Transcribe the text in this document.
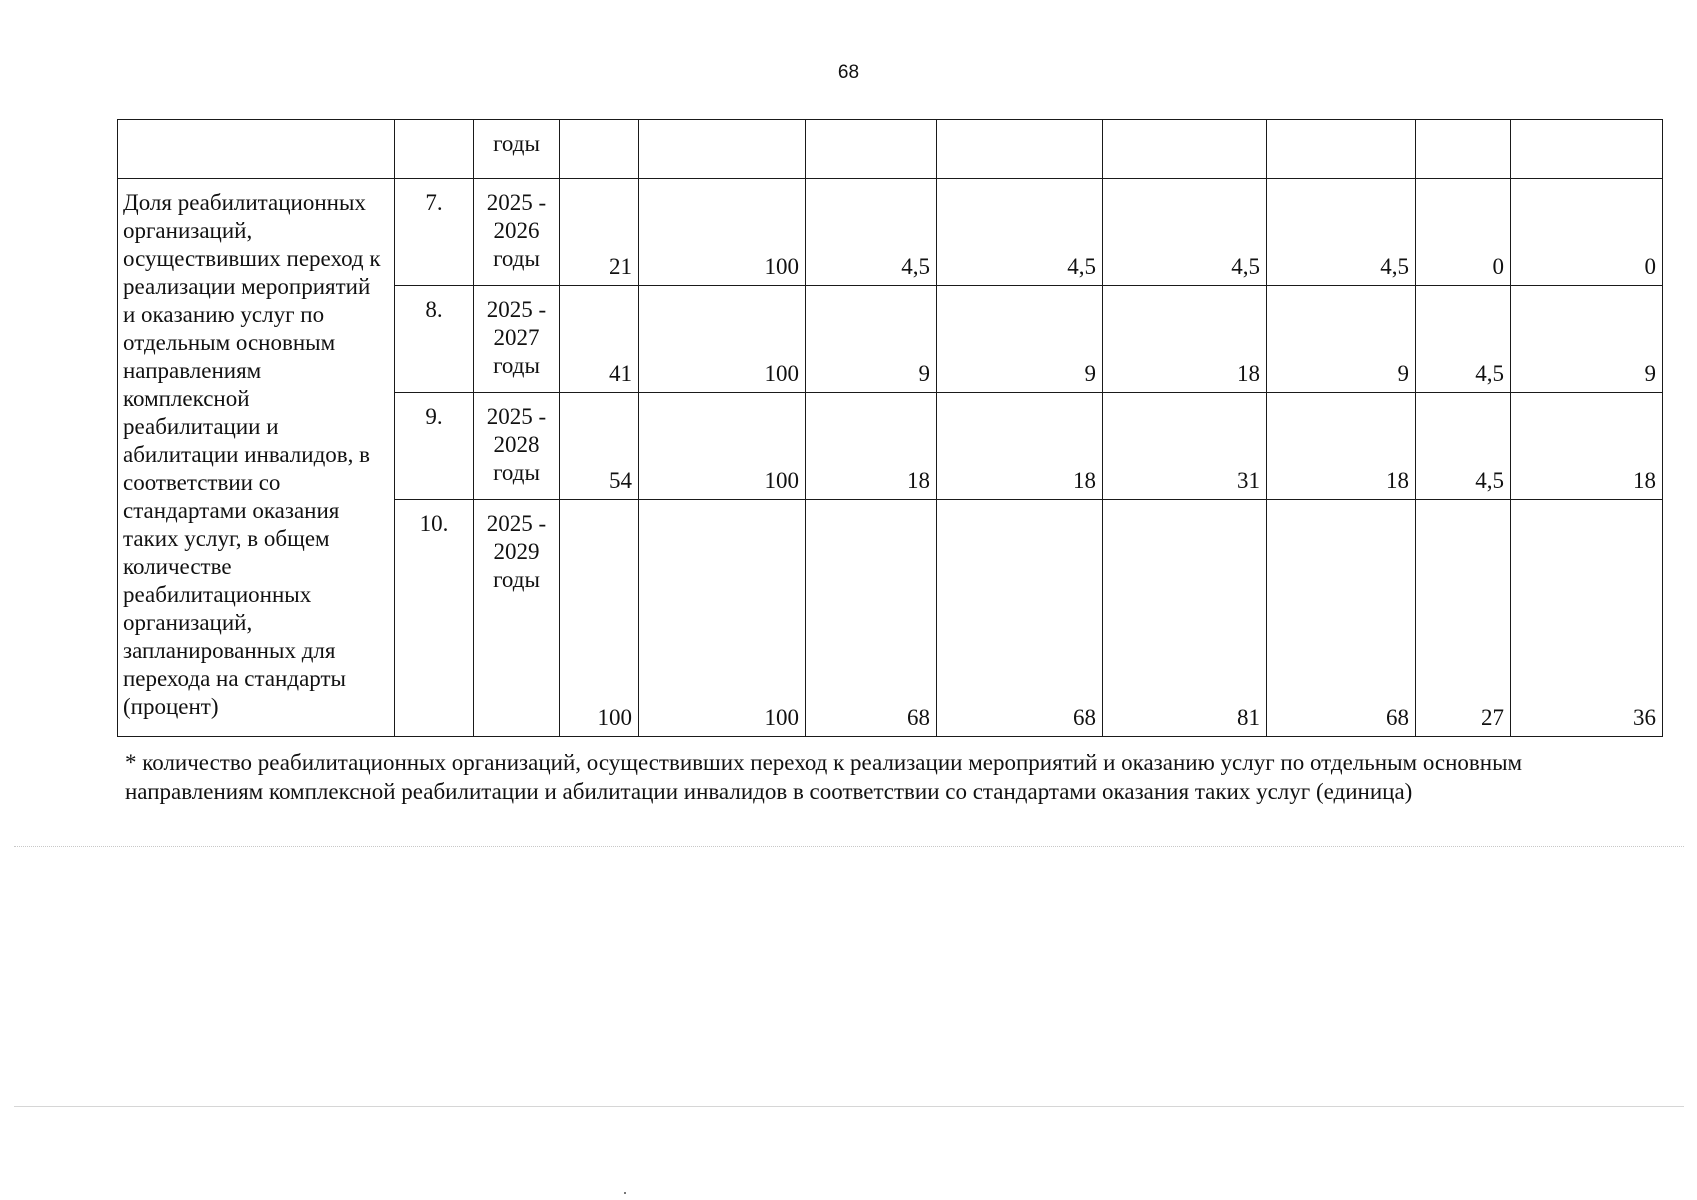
68
		годы								
Доля реабилитационных организаций, осуществивших переход к реализации мероприятий и оказанию услуг по отдельным основным направлениям комплексной реабилитации и абилитации инвалидов, в соответствии со стандартами оказания таких услуг, в общем количестве реабилитационных организаций, запланированных для перехода на стандарты (процент)	7.	2025 - 2026 годы	21	100	4,5	4,5	4,5	4,5	0	0
	8.	2025 - 2027 годы	41	100	9	9	18	9	4,5	9
	9.	2025 - 2028 годы	54	100	18	18	31	18	4,5	18
	10.	2025 - 2029 годы	100	100	68	68	81	68	27	36
* количество реабилитационных организаций, осуществивших переход к реализации мероприятий и оказанию услуг по отдельным основным направлениям комплексной реабилитации и абилитации инвалидов в соответствии со стандартами оказания таких услуг (единица)
